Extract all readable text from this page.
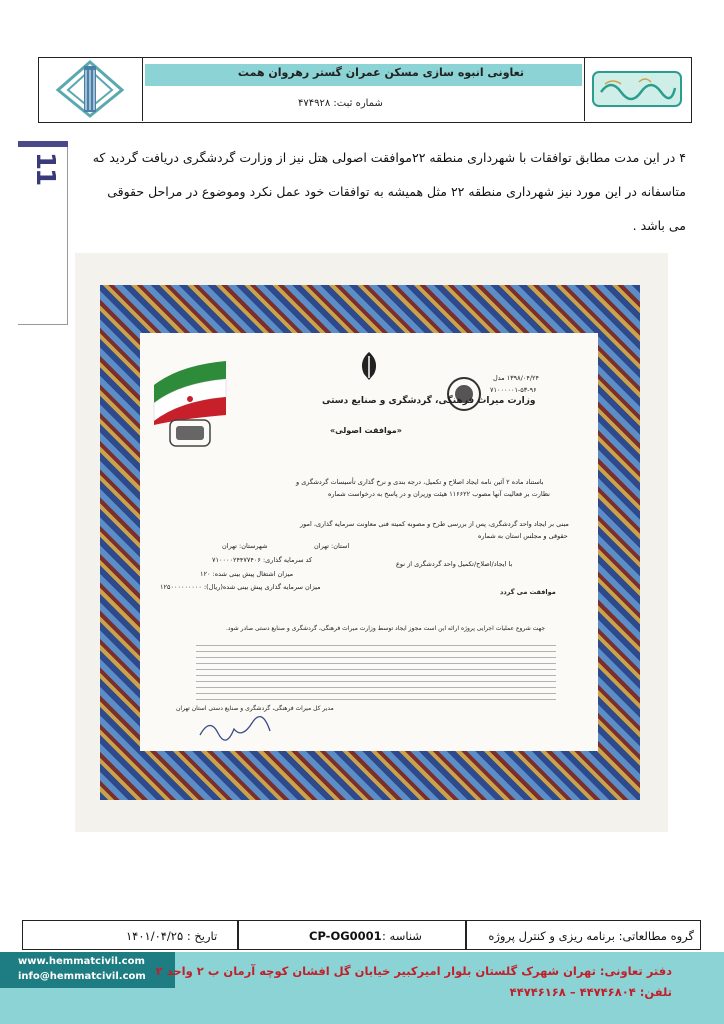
تعاونی انبوه سازی مسکن عمران گستر رهروان همت
شماره ثبت: ۴۷۴۹۲۸
11	۴ در این مدت مطابق توافقات با شهرداری منطقه ۲۲موافقت اصولی هتل نیز از وزارت گردشگری دریافت گردید که
متاسفانه در این مورد نیز شهرداری منطقه ۲۲ مثل همیشه به توافقات خود عمل نکرد وموضوع در مراحل حقوقی
می باشد .
وزارت میراث فرهنگی، گردشگری و صنایع دستی
«موافقت اصولی»
۱۳۹۸/۰۴/۲۴ مدل
۷۱۰۰۰۰۰۱-۵۳-۹۶
باستناد ماده ۲ آئین نامه ایجاد اصلاح و تکمیل، درجه بندی و نرخ گذاری تأسیسات گردشگری و
نظارت بر فعالیت آنها مصوب ۱۱۶۶۲۲ هیئت وزیران و در پاسخ به درخواست شماره
مبنی بر ایجاد واحد گردشگری، پس از بررسی طرح و مصوبه کمیته فنی معاونت سرمایه گذاری، امور
حقوقی و مجلس استان به شماره
استان: تهران
شهرستان: تهران
کد سرمایه گذاری: ۷۱۰۰۰۰۲۴۴۷۷۴۰۶
میزان اشتغال پیش بینی شده: ۱۲۰
میزان سرمایه گذاری پیش بینی شده(ریال): ۱۲۵۰۰۰۰۰۰۰۰۰
با ایجاد/اصلاح/تکمیل واحد گردشگری از نوع
موافقت می گردد
جهت شروع عملیات اجرایی پروژه ارائه این است مجوز ایجاد توسط وزارت میراث فرهنگی، گردشگری و صنایع دستی صادر شود.
مدیر کل میراث فرهنگی، گردشگری و صنایع دستی استان تهران
گروه مطالعاتی: برنامه ریزی و کنترل پروژه
شناسه :
CP-OG0001
تاریخ : ۱۴۰۱/۰۴/۲۵
www.hemmatcivil.com
info@hemmatcivil.com دفتر تعاونی: تهران شهرک گلستان بلوار امیرکبیر خیابان گل افشان کوچه آرمان ب ۲ واحد ۲
تلفن: ۴۴۷۴۶۸۰۴ – ۴۴۷۴۶۱۶۸
